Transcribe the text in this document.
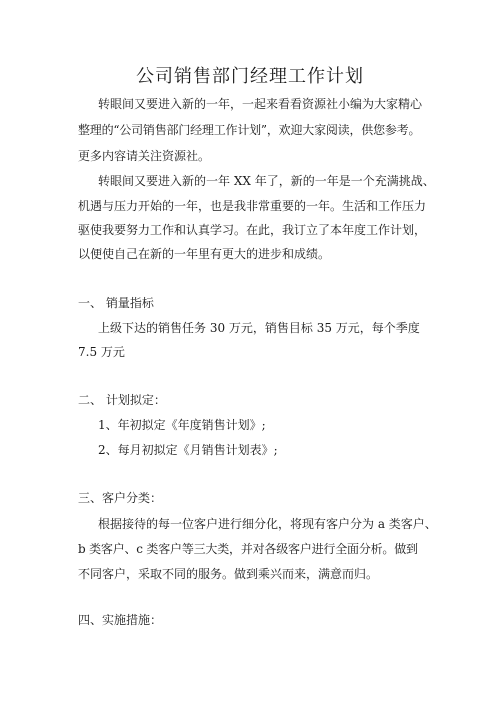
公司销售部门经理工作计划
转眼间又要进入新的一年，一起来看看资源社小编为大家精心
整理的“公司销售部门经理工作计划”，欢迎大家阅读，供您参考。
更多内容请关注资源社。
转眼间又要进入新的一年 XX 年了，新的一年是一个充满挑战、
机遇与压力开始的一年，也是我非常重要的一年。生活和工作压力
驱使我要努力工作和认真学习。在此，我订立了本年度工作计划，
以便使自己在新的一年里有更大的进步和成绩。
一、 销量指标
上级下达的销售任务 30 万元，销售目标 35 万元，每个季度
7.5 万元
二、 计划拟定：
1、年初拟定《年度销售计划》;
2、每月初拟定《月销售计划表》;
三、客户分类：
根据接待的每一位客户进行细分化，将现有客户分为 a 类客户、
b 类客户、c 类客户等三大类，并对各级客户进行全面分析。做到
不同客户，采取不同的服务。做到乘兴而来，满意而归。
四、实施措施：
